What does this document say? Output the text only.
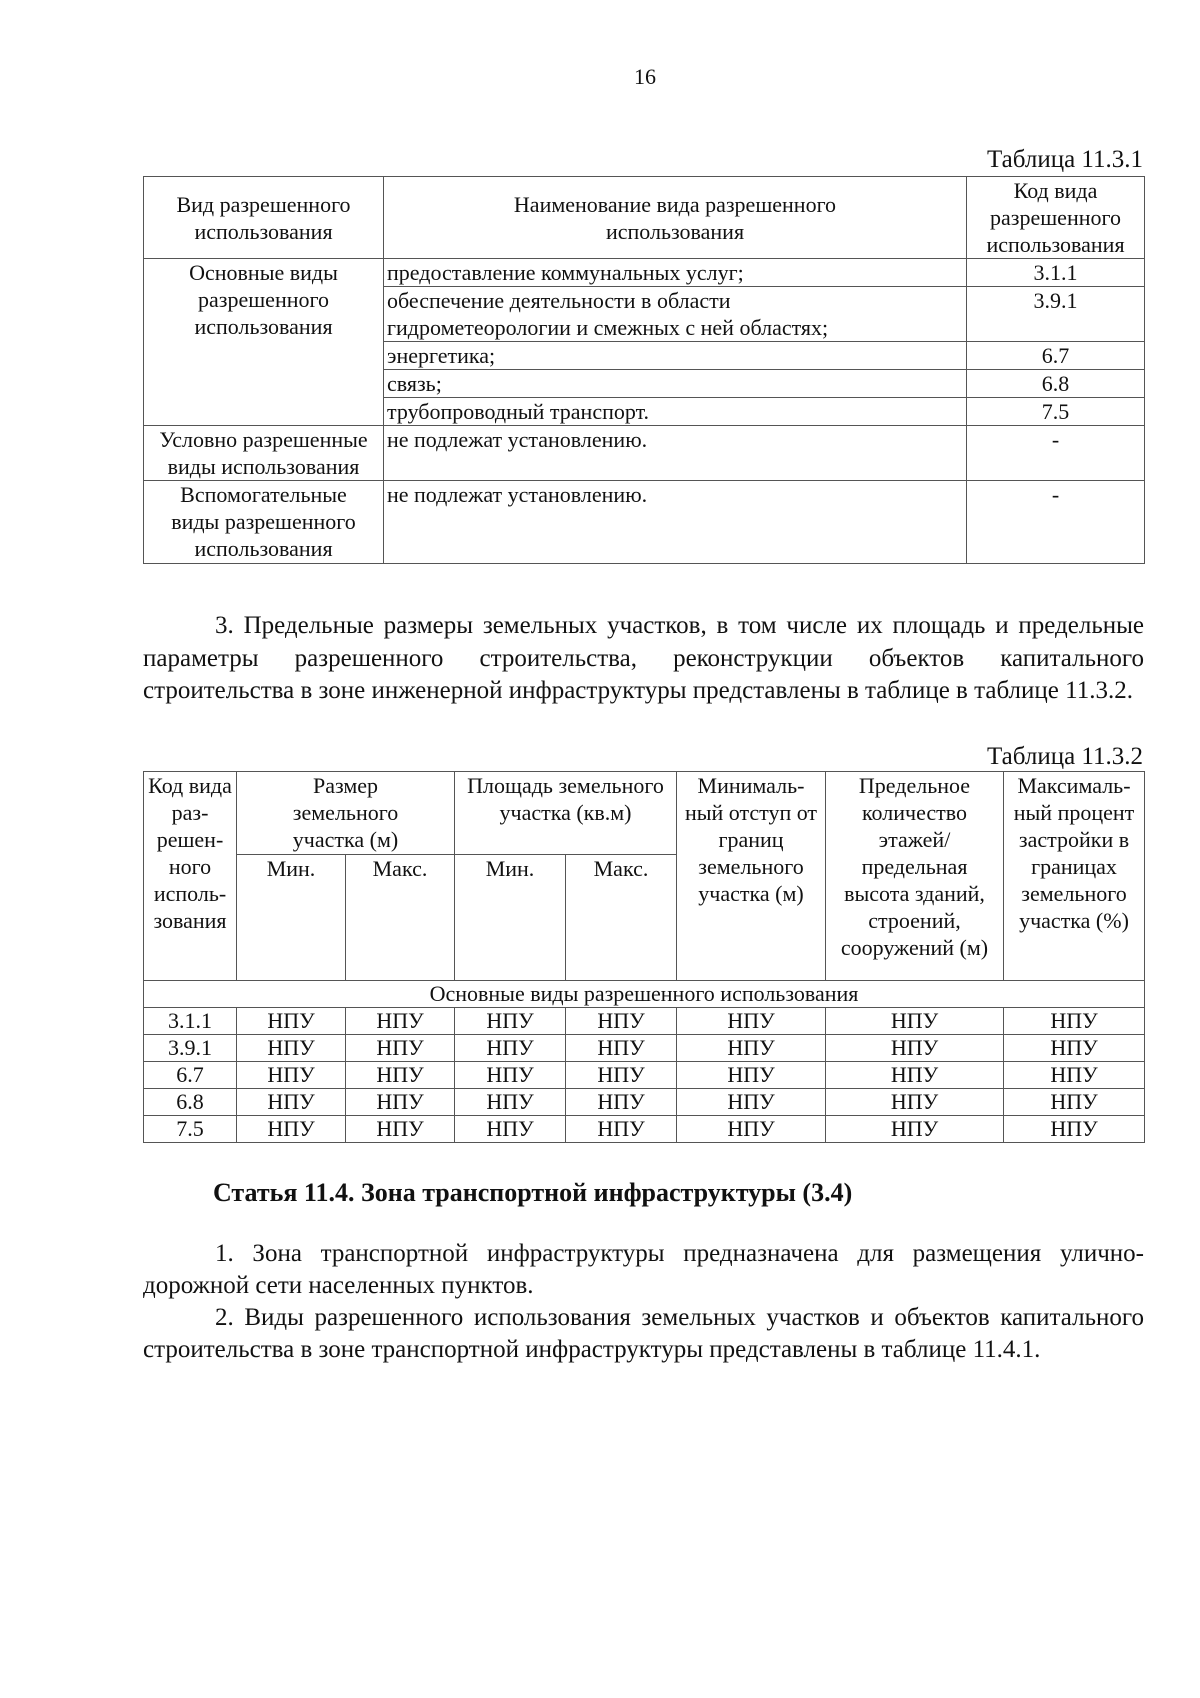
16
Таблица 11.3.1
Вид разрешенного использования	Наименование вида разрешенного использования	Код вида разрешенного использования
Основные виды разрешенного использования	предоставление коммунальных услуг;	3.1.1
	обеспечение деятельности в области гидрометеорологии и смежных с ней областях;	3.9.1
	энергетика;	6.7
	связь;	6.8
	трубопроводный транспорт.	7.5
Условно разрешенные виды использования	не подлежат установлению.	-
Вспомогательные виды разрешенного использования	не подлежат установлению.	-

3. Предельные размеры земельных участков, в том числе их площадь и предельные параметры разрешенного строительства, реконструкции объектов капитального строительства в зоне инженерной инфраструктуры представлены в таблице в таблице 11.3.2.

Таблица 11.3.2
Код вида раз-решен-ного исполь-зования	Размер земельного участка (м)		Площадь земельного участка (кв.м)		Минималь-ный отступ от границ земельного участка (м)	Предельное количество этажей/ предельная высота зданий, строений, сооружений (м)	Максималь-ный процент застройки в границах земельного участка (%)
	Мин.	Макс.	Мин.	Макс.			
Основные виды разрешенного использования							
3.1.1	НПУ	НПУ	НПУ	НПУ	НПУ	НПУ	НПУ
3.9.1	НПУ	НПУ	НПУ	НПУ	НПУ	НПУ	НПУ
6.7	НПУ	НПУ	НПУ	НПУ	НПУ	НПУ	НПУ
6.8	НПУ	НПУ	НПУ	НПУ	НПУ	НПУ	НПУ
7.5	НПУ	НПУ	НПУ	НПУ	НПУ	НПУ	НПУ
Статья 11.4. Зона транспортной инфраструктуры (3.4)

1. Зона транспортной инфраструктуры предназначена для размещения улично-дорожной сети населенных пунктов.

2. Виды разрешенного использования земельных участков и объектов капитального строительства в зоне транспортной инфраструктуры представлены в таблице 11.4.1.
